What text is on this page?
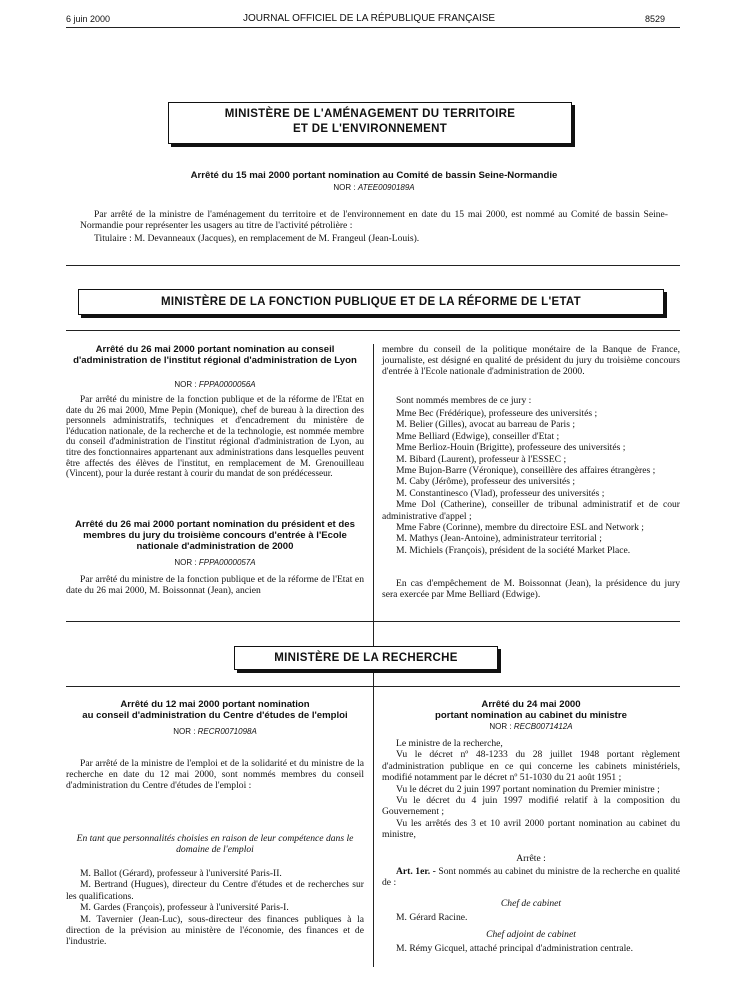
6 juin 2000	JOURNAL OFFICIEL DE LA RÉPUBLIQUE FRANÇAISE	8529
MINISTÈRE DE L'AMÉNAGEMENT DU TERRITOIRE
ET DE L'ENVIRONNEMENT
Arrêté du 15 mai 2000 portant nomination au Comité de bassin Seine-Normandie
NOR : ATEE0090189A

Par arrêté de la ministre de l'aménagement du territoire et de l'environnement en date du 15 mai 2000, est nommé au Comité de bassin Seine-Normandie pour représenter les usagers au titre de l'activité pétrolière :

Titulaire : M. Devanneaux (Jacques), en remplacement de M. Frangeul (Jean-Louis).

MINISTÈRE DE LA FONCTION PUBLIQUE ET DE LA RÉFORME DE L'ETAT
Arrêté du 26 mai 2000 portant nomination au conseil d'administration de l'institut régional d'administration de Lyon
NOR : FPPA0000056A

Par arrêté du ministre de la fonction publique et de la réforme de l'Etat en date du 26 mai 2000, Mme Pepin (Monique), chef de bureau à la direction des personnels administratifs, techniques et d'encadrement du ministère de l'éducation nationale, de la recherche et de la technologie, est nommée membre du conseil d'administration de l'institut régional d'administration de Lyon, au titre des fonctionnaires appartenant aux administrations dans lesquelles peuvent être affectés des élèves de l'institut, en remplacement de M. Grenouilleau (Vincent), pour la durée restant à courir du mandat de son prédécesseur.

Arrêté du 26 mai 2000 portant nomination du président et des membres du jury du troisième concours d'entrée à l'Ecole nationale d'administration de 2000
NOR : FPPA0000057A

Par arrêté du ministre de la fonction publique et de la réforme de l'Etat en date du 26 mai 2000, M. Boissonnat (Jean), ancien

membre du conseil de la politique monétaire de la Banque de France, journaliste, est désigné en qualité de président du jury du troisième concours d'entrée à l'Ecole nationale d'administration de 2000.

Sont nommés membres de ce jury :

Mme Bec (Frédérique), professeure des universités ;
M. Belier (Gilles), avocat au barreau de Paris ;
Mme Belliard (Edwige), conseiller d'Etat ;
Mme Berlioz-Houin (Brigitte), professeure des universités ;
M. Bibard (Laurent), professeur à l'ESSEC ;
Mme Bujon-Barre (Véronique), conseillère des affaires étrangères ;
M. Caby (Jérôme), professeur des universités ;
M. Constantinesco (Vlad), professeur des universités ;
Mme Dol (Catherine), conseiller de tribunal administratif et de cour administrative d'appel ;
Mme Fabre (Corinne), membre du directoire ESL and Network ;
M. Mathys (Jean-Antoine), administrateur territorial ;
M. Michiels (François), président de la société Market Place.

En cas d'empêchement de M. Boissonnat (Jean), la présidence du jury sera exercée par Mme Belliard (Edwige).

MINISTÈRE DE LA RECHERCHE
Arrêté du 12 mai 2000 portant nomination
au conseil d'administration du Centre d'études de l'emploi
NOR : RECR0071098A

Par arrêté de la ministre de l'emploi et de la solidarité et du ministre de la recherche en date du 12 mai 2000, sont nommés membres du conseil d'administration du Centre d'études de l'emploi :

En tant que personnalités choisies en raison de leur compétence dans le domaine de l'emploi

M. Ballot (Gérard), professeur à l'université Paris-II.
M. Bertrand (Hugues), directeur du Centre d'études et de recherches sur les qualifications.
M. Gardes (François), professeur à l'université Paris-I.
M. Tavernier (Jean-Luc), sous-directeur des finances publiques à la direction de la prévision au ministère de l'économie, des finances et de l'industrie.
Arrêté du 24 mai 2000
portant nomination au cabinet du ministre
NOR : RECB0071412A
Le ministre de la recherche,
Vu le décret nº 48-1233 du 28 juillet 1948 portant règlement d'administration publique en ce qui concerne les cabinets ministériels, modifié notamment par le décret nº 51-1030 du 21 août 1951 ;
Vu le décret du 2 juin 1997 portant nomination du Premier ministre ;
Vu le décret du 4 juin 1997 modifié relatif à la composition du Gouvernement ;
Vu les arrêtés des 3 et 10 avril 2000 portant nomination au cabinet du ministre,
Arrête :

Art. 1er. - Sont nommés au cabinet du ministre de la recherche en qualité de :

Chef de cabinet
M. Gérard Racine.
Chef adjoint de cabinet
M. Rémy Gicquel, attaché principal d'administration centrale.
